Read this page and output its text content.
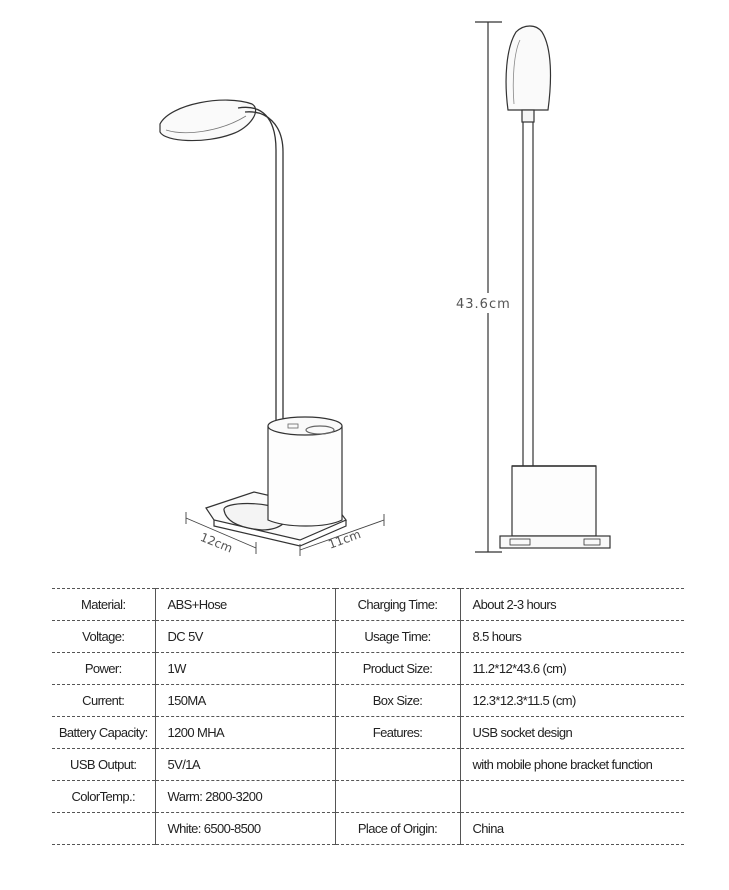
12cm	11cm
43.6cm
Material:	ABS+Hose	Charging Time:	About 2-3 hours
Voltage:	DC 5V	Usage Time:	8.5 hours
Power:	1W	Product Size:	11.2*12*43.6 (cm)
Current:	150MA	Box Size:	12.3*12.3*11.5 (cm)
Battery Capacity:	1200 MHA	Features:	USB socket design
USB Output:	5V/1A		with mobile phone bracket function
ColorTemp.:	Warm: 2800-3200		
	White: 6500-8500	Place of Origin:	China
